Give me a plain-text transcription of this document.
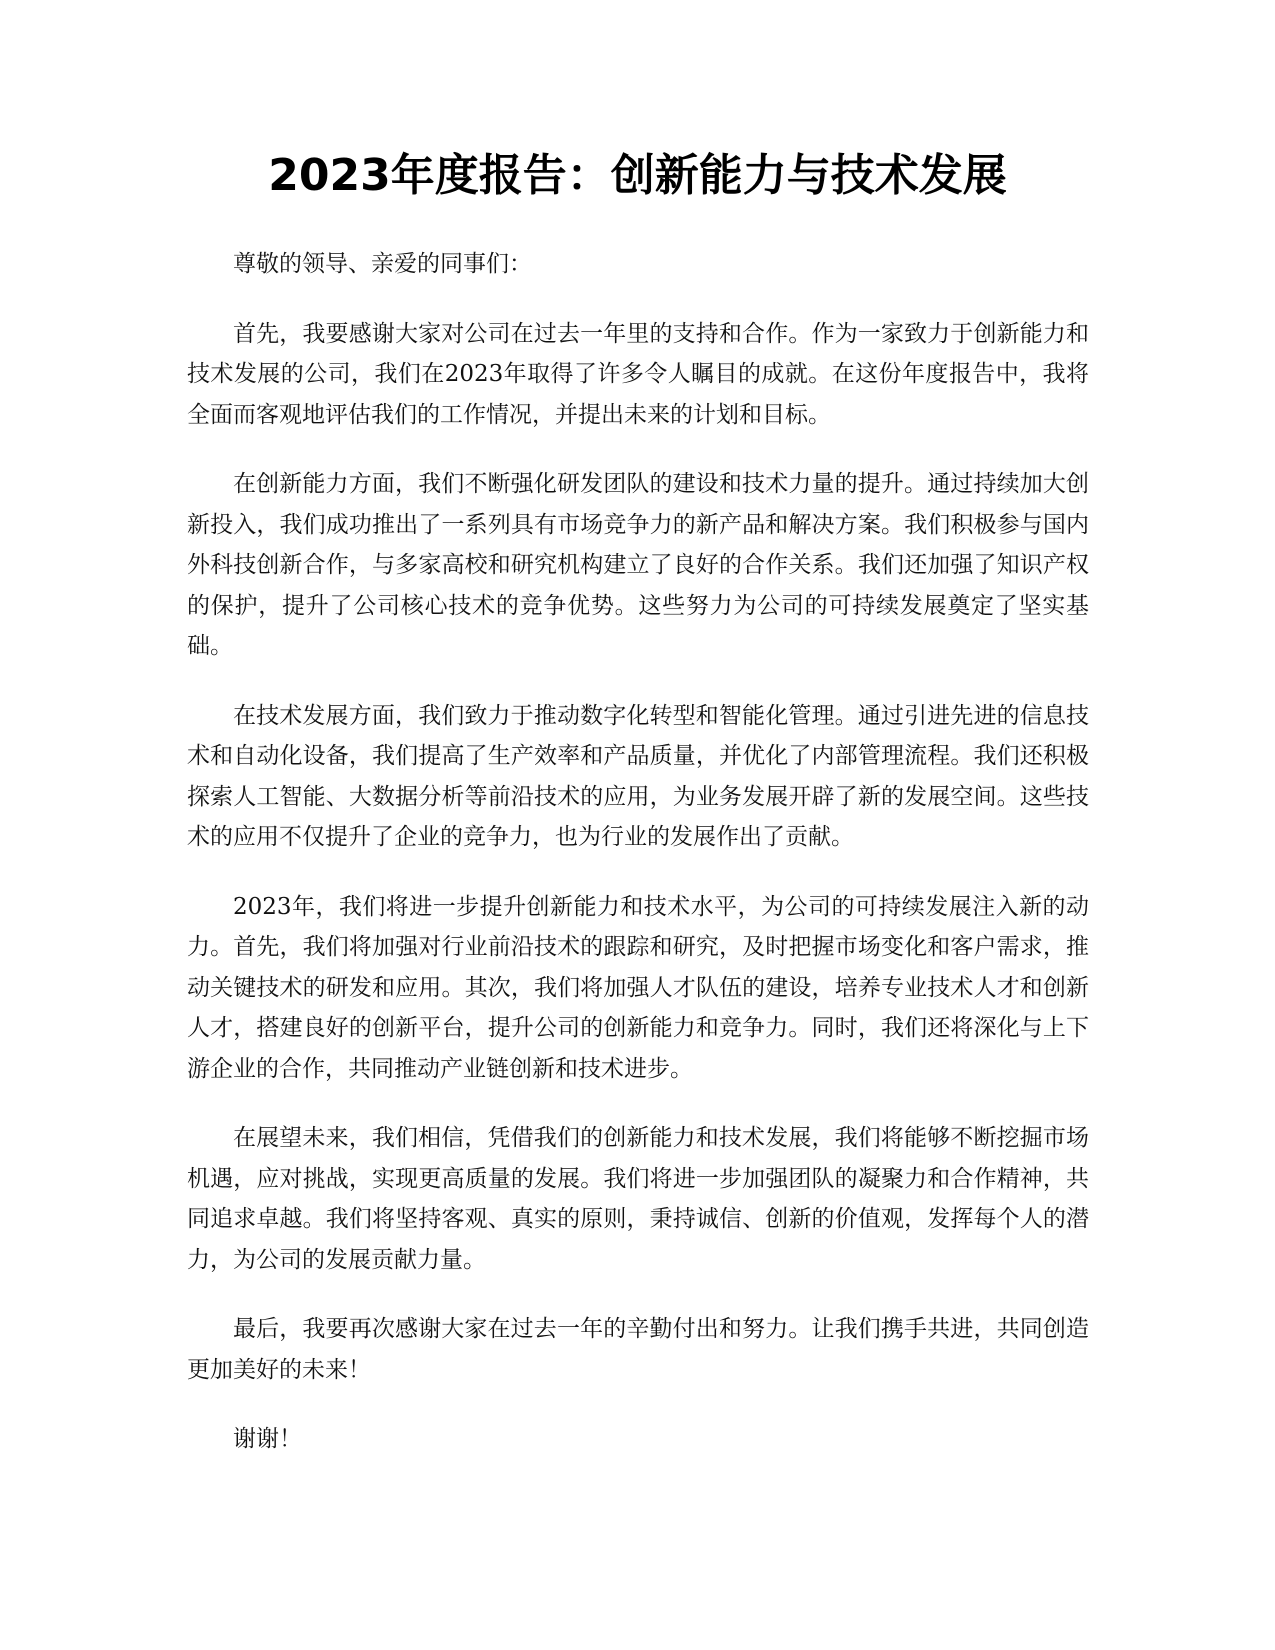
2023年度报告：创新能力与技术发展

尊敬的领导、亲爱的同事们：

首先，我要感谢大家对公司在过去一年里的支持和合作。作为一家致力于创新能力和技术发展的公司，我们在2023年取得了许多令人瞩目的成就。在这份年度报告中，我将全面而客观地评估我们的工作情况，并提出未来的计划和目标。

在创新能力方面，我们不断强化研发团队的建设和技术力量的提升。通过持续加大创新投入，我们成功推出了一系列具有市场竞争力的新产品和解决方案。我们积极参与国内外科技创新合作，与多家高校和研究机构建立了良好的合作关系。我们还加强了知识产权的保护，提升了公司核心技术的竞争优势。这些努力为公司的可持续发展奠定了坚实基础。

在技术发展方面，我们致力于推动数字化转型和智能化管理。通过引进先进的信息技术和自动化设备，我们提高了生产效率和产品质量，并优化了内部管理流程。我们还积极探索人工智能、大数据分析等前沿技术的应用，为业务发展开辟了新的发展空间。这些技术的应用不仅提升了企业的竞争力，也为行业的发展作出了贡献。

2023年，我们将进一步提升创新能力和技术水平，为公司的可持续发展注入新的动力。首先，我们将加强对行业前沿技术的跟踪和研究，及时把握市场变化和客户需求，推动关键技术的研发和应用。其次，我们将加强人才队伍的建设，培养专业技术人才和创新人才，搭建良好的创新平台，提升公司的创新能力和竞争力。同时，我们还将深化与上下游企业的合作，共同推动产业链创新和技术进步。

在展望未来，我们相信，凭借我们的创新能力和技术发展，我们将能够不断挖掘市场机遇，应对挑战，实现更高质量的发展。我们将进一步加强团队的凝聚力和合作精神，共同追求卓越。我们将坚持客观、真实的原则，秉持诚信、创新的价值观，发挥每个人的潜力，为公司的发展贡献力量。

最后，我要再次感谢大家在过去一年的辛勤付出和努力。让我们携手共进，共同创造更加美好的未来！

谢谢！
